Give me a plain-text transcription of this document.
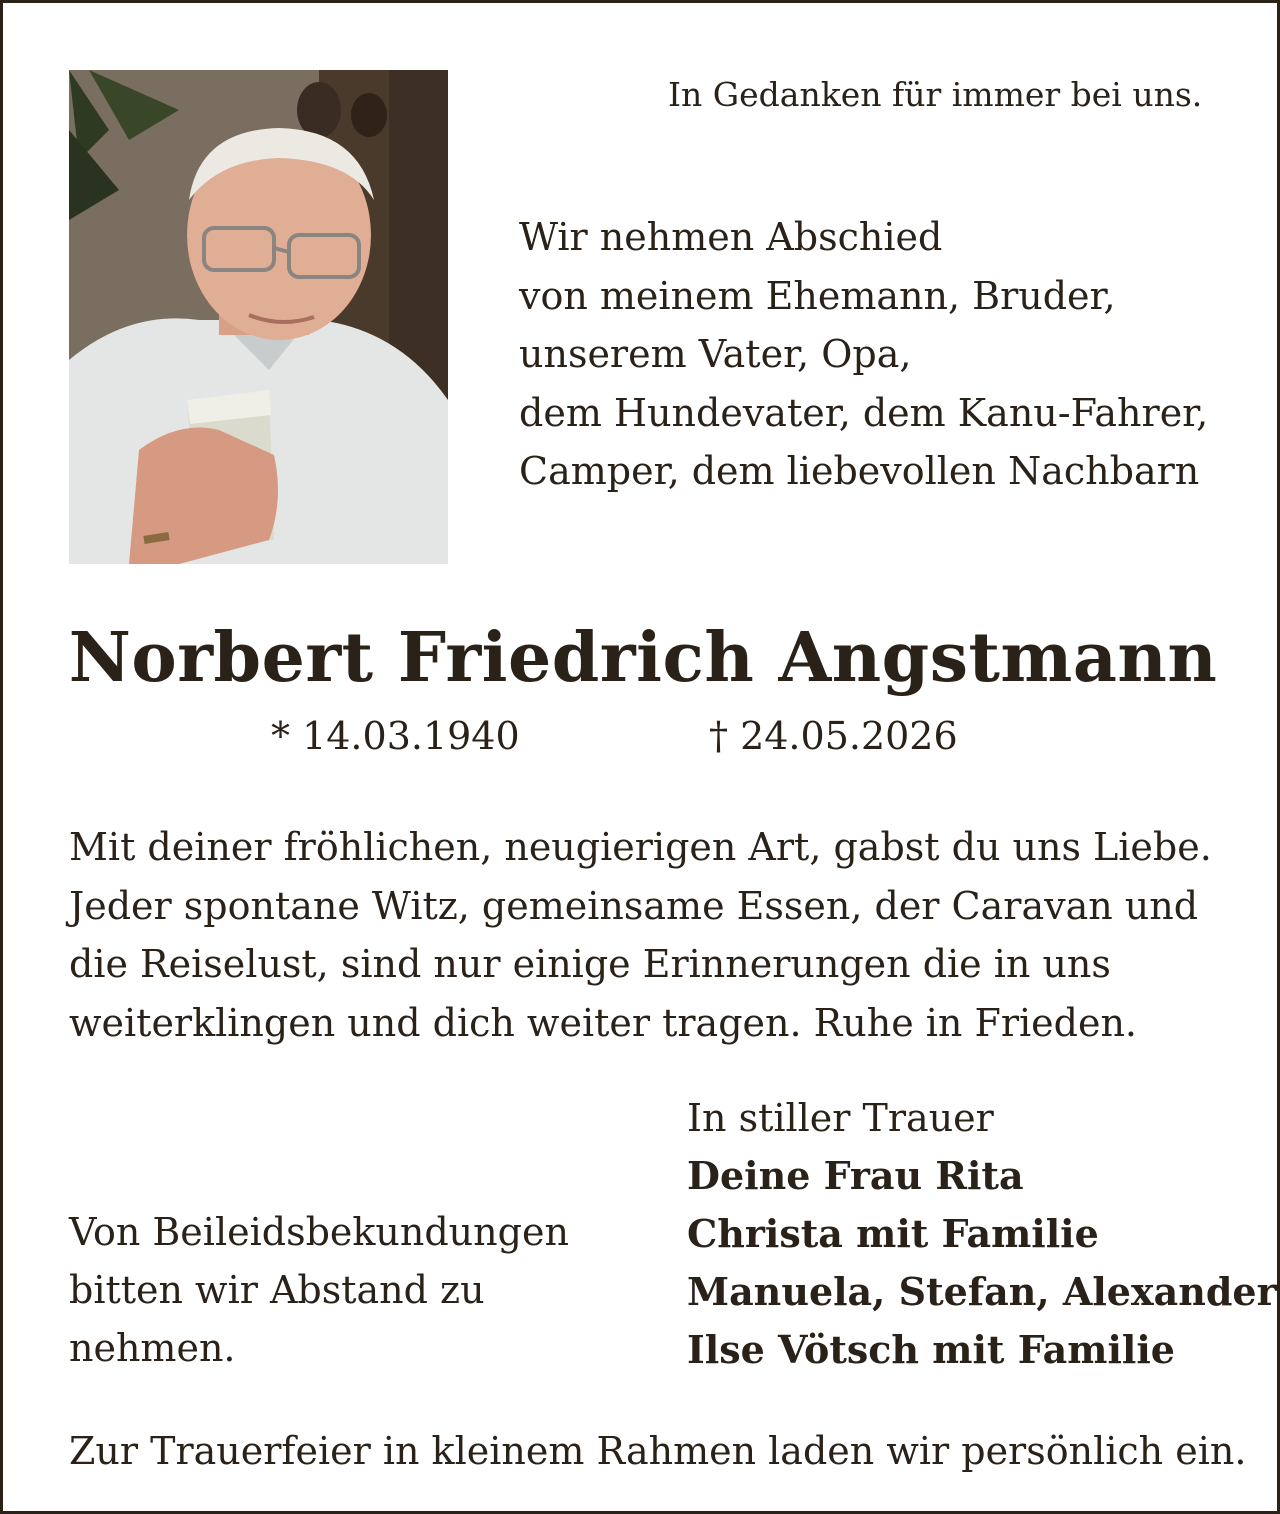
In Gedanken für immer bei uns.

Wir nehmen Abschied
von meinem Ehemann, Bruder,
unserem Vater, Opa,
dem Hundevater, dem Kanu-Fahrer,
Camper, dem liebevollen Nachbarn
Norbert Friedrich Angstmann

* 14.03.1940	† 24.05.2026

Mit deiner fröhlichen, neugierigen Art, gabst du uns Liebe.
Jeder spontane Witz, gemeinsame Essen, der Caravan und
die Reiselust, sind nur einige Erinnerungen die in uns
weiterklingen und dich weiter tragen. Ruhe in Frieden.
In stiller Trauer
Deine Frau Rita
Christa mit Familie
Manuela, Stefan, Alexander
Ilse Vötsch mit Familie
Von Beileidsbekundungen
bitten wir Abstand zu
nehmen.

Zur Trauerfeier in kleinem Rahmen laden wir persönlich ein.
